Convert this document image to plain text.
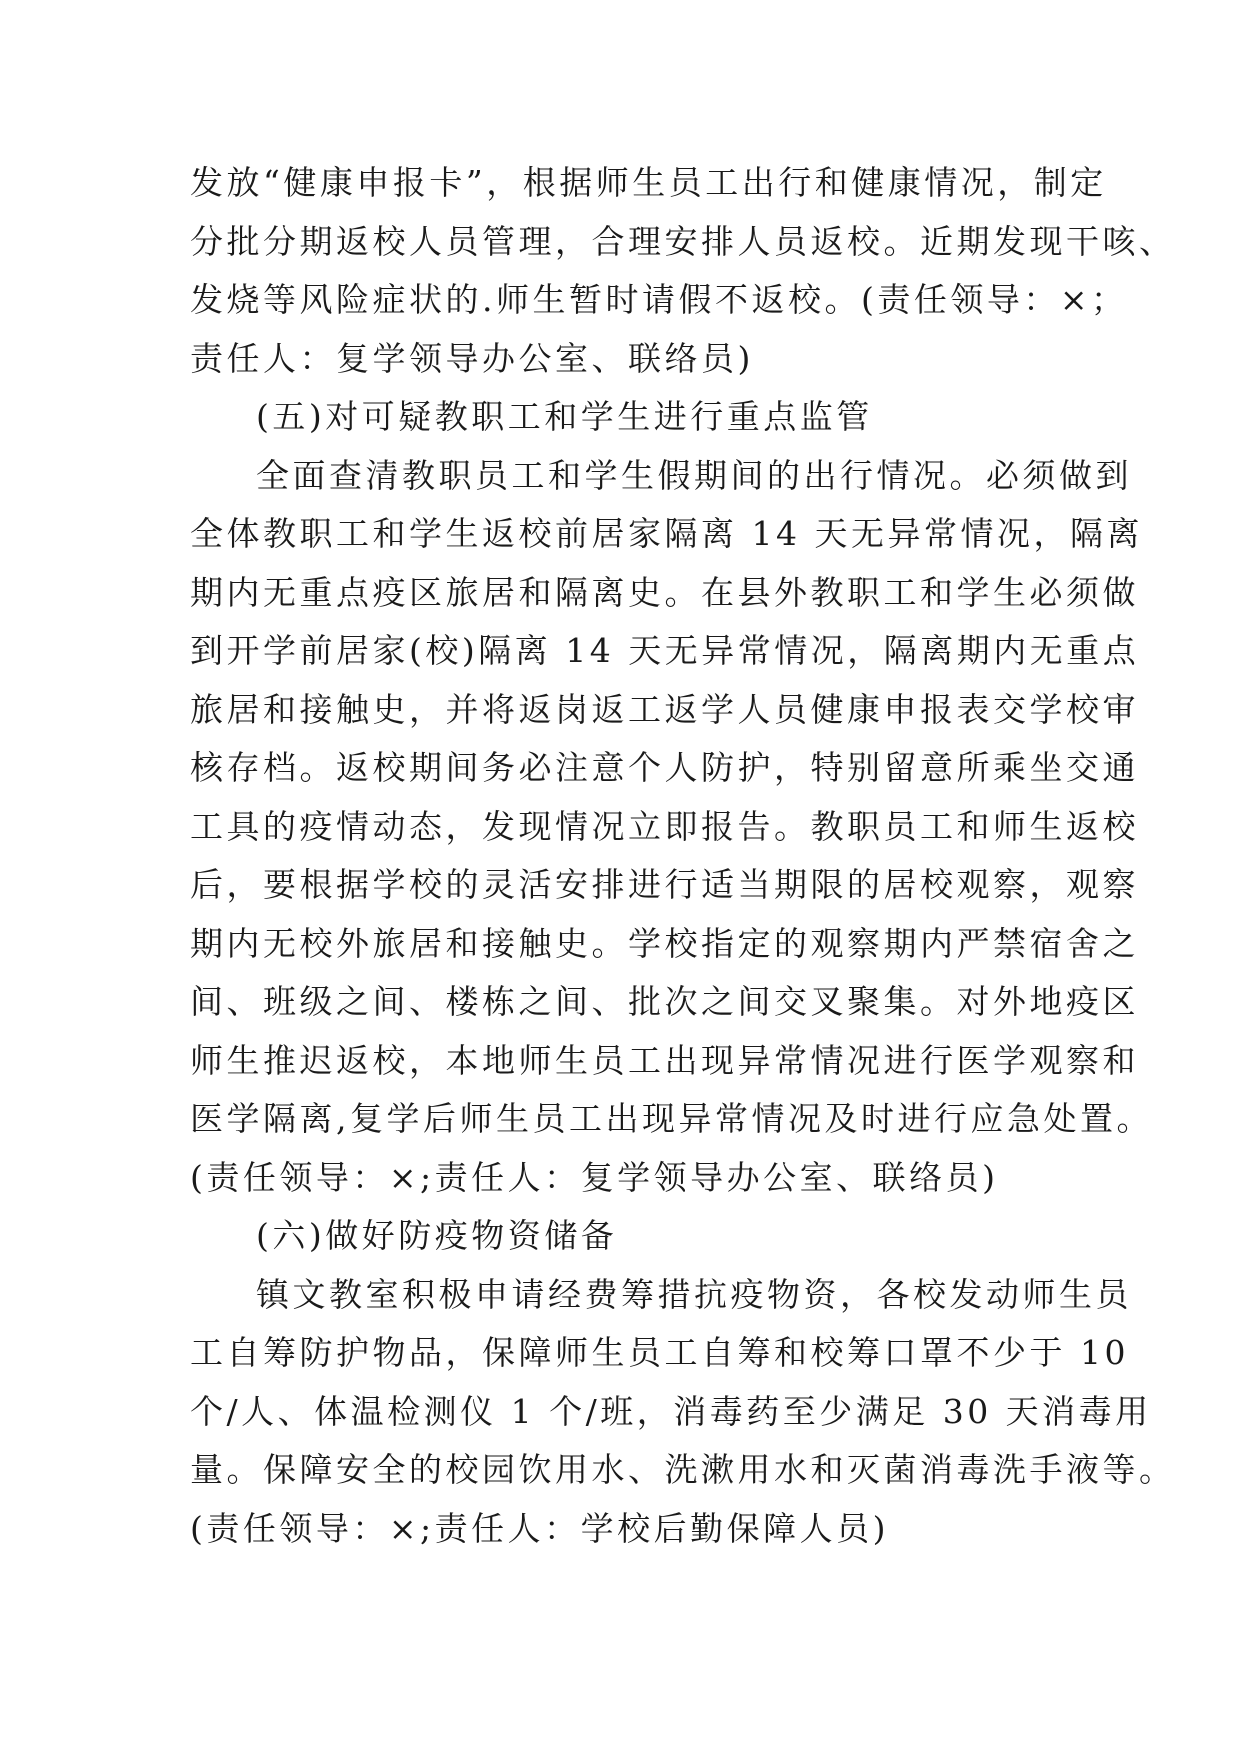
发放“健康申报卡”，根据师生员工出行和健康情况，制定
分批分期返校人员管理，合理安排人员返校。近期发现干咳、
发烧等风险症状的.师生暂时请假不返校。(责任领导：×；
责任人：复学领导办公室、联络员)
(五)对可疑教职工和学生进行重点监管
全面查清教职员工和学生假期间的出行情况。必须做到
全体教职工和学生返校前居家隔离 14 天无异常情况，隔离
期内无重点疫区旅居和隔离史。在县外教职工和学生必须做
到开学前居家(校)隔离 14 天无异常情况，隔离期内无重点
旅居和接触史，并将返岗返工返学人员健康申报表交学校审
核存档。返校期间务必注意个人防护，特别留意所乘坐交通
工具的疫情动态，发现情况立即报告。教职员工和师生返校
后，要根据学校的灵活安排进行适当期限的居校观察，观察
期内无校外旅居和接触史。学校指定的观察期内严禁宿舍之
间、班级之间、楼栋之间、批次之间交叉聚集。对外地疫区
师生推迟返校，本地师生员工出现异常情况进行医学观察和
医学隔离,复学后师生员工出现异常情况及时进行应急处置。
(责任领导：×;责任人：复学领导办公室、联络员)
(六)做好防疫物资储备
镇文教室积极申请经费筹措抗疫物资，各校发动师生员
工自筹防护物品，保障师生员工自筹和校筹口罩不少于 10
个/人、体温检测仪 1 个/班，消毒药至少满足 30 天消毒用
量。保障安全的校园饮用水、洗漱用水和灭菌消毒洗手液等。
(责任领导：×;责任人：学校后勤保障人员)
